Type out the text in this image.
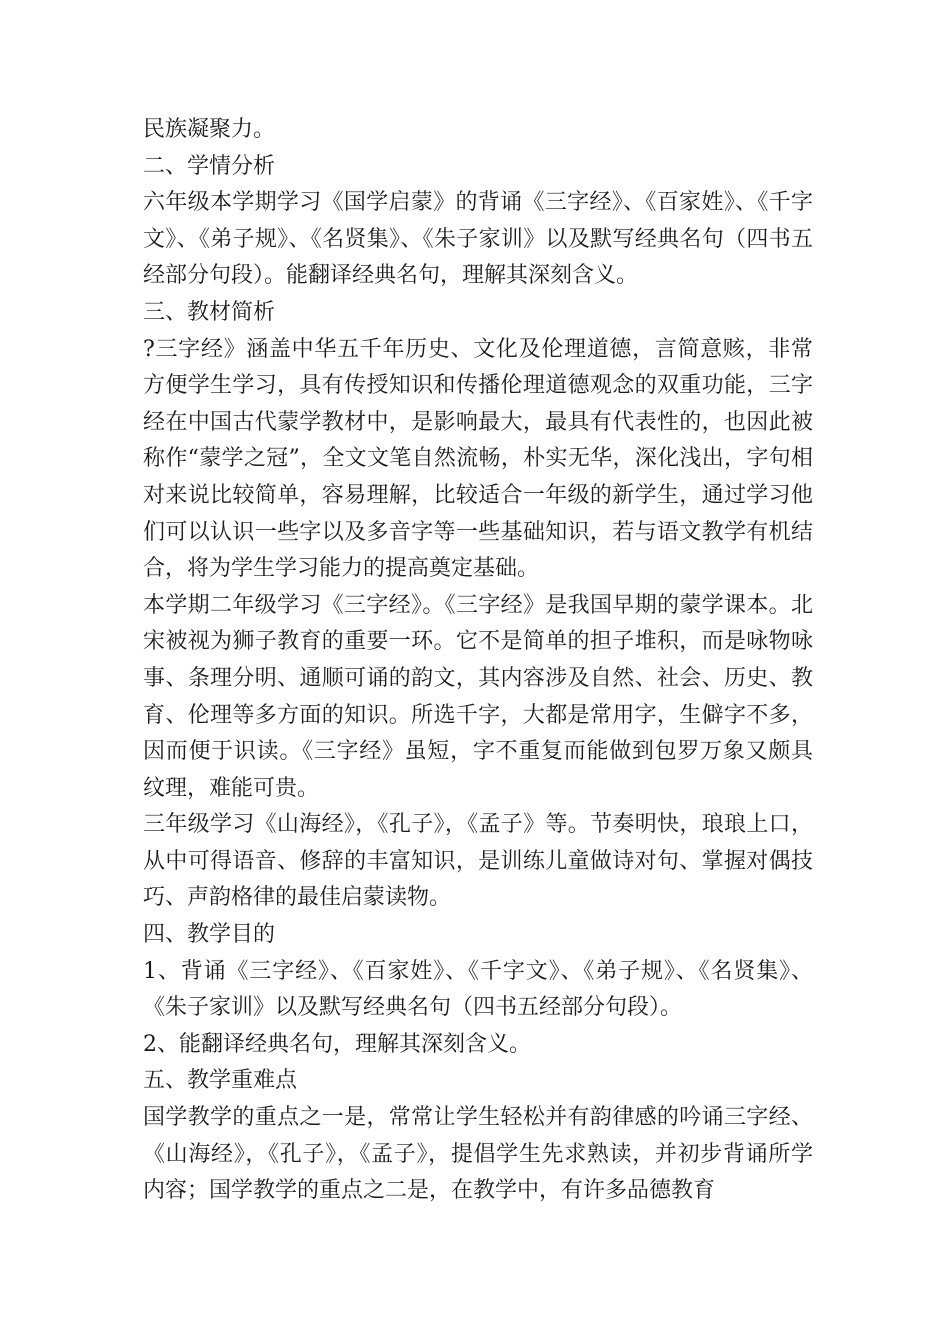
民族凝聚力。

二、学情分析

六年级本学期学习《国学启蒙》的背诵《三字经》、《百家姓》、《千字文》、《弟子规》、《名贤集》、《朱子家训》以及默写经典名句（四书五经部分句段）。能翻译经典名句，理解其深刻含义。

三、教材简析

?三字经》涵盖中华五千年历史、文化及伦理道德，言简意赅，非常方便学生学习，具有传授知识和传播伦理道德观念的双重功能，三字经在中国古代蒙学教材中，是影响最大，最具有代表性的，也因此被称作“蒙学之冠”，全文文笔自然流畅，朴实无华，深化浅出，字句相对来说比较简单，容易理解，比较适合一年级的新学生，通过学习他们可以认识一些字以及多音字等一些基础知识，若与语文教学有机结合，将为学生学习能力的提高奠定基础。

本学期二年级学习《三字经》。《三字经》是我国早期的蒙学课本。北宋被视为狮子教育的重要一环。它不是简单的担子堆积，而是咏物咏事、条理分明、通顺可诵的韵文，其内容涉及自然、社会、历史、教育、伦理等多方面的知识。所选千字，大都是常用字，生僻字不多，因而便于识读。《三字经》虽短，字不重复而能做到包罗万象又颇具纹理，难能可贵。

三年级学习《山海经》，《孔子》，《孟子》等。节奏明快，琅琅上口，从中可得语音、修辞的丰富知识，是训练儿童做诗对句、掌握对偶技巧、声韵格律的最佳启蒙读物。

四、教学目的

1、背诵《三字经》、《百家姓》、《千字文》、《弟子规》、《名贤集》、《朱子家训》以及默写经典名句（四书五经部分句段）。

2、能翻译经典名句，理解其深刻含义。

五、教学重难点

国学教学的重点之一是，常常让学生轻松并有韵律感的吟诵三字经、《山海经》，《孔子》，《孟子》，提倡学生先求熟读，并初步背诵所学内容；国学教学的重点之二是，在教学中，有许多品德教育
